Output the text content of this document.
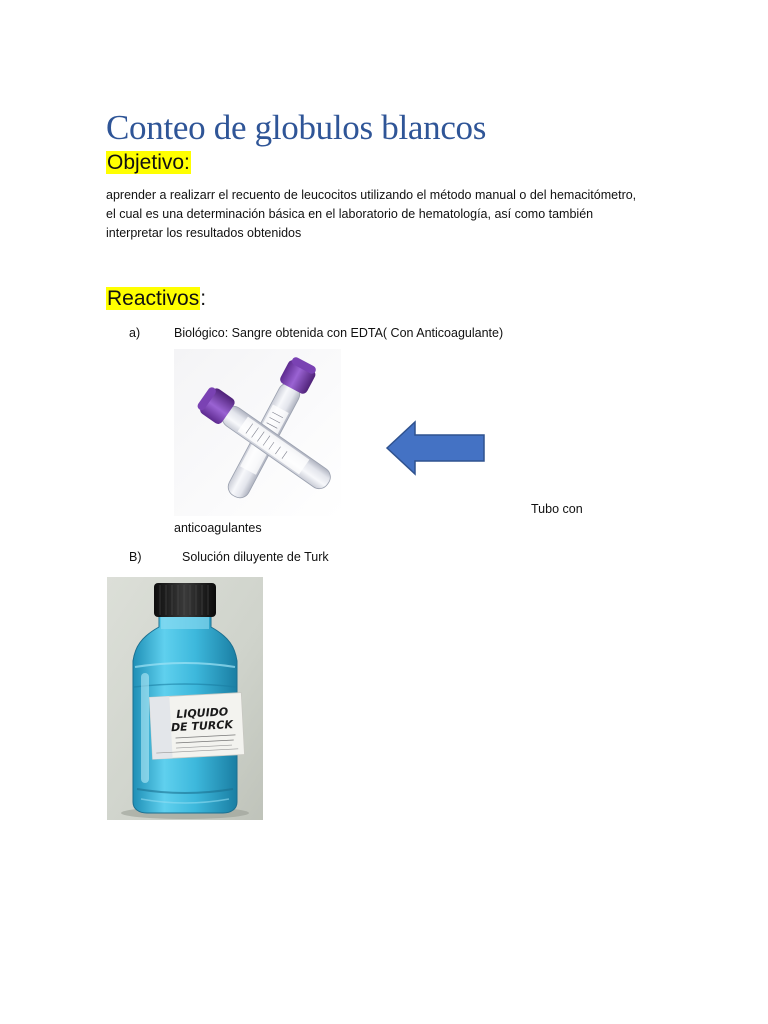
Conteo de globulos blancos
Objetivo:
aprender a realizarr el recuento de leucocitos utilizando el método manual o del hemacitómetro,
el cual es una determinación básica en el laboratorio de hematología, así como también
interpretar los resultados obtenidos
Reactivos:
a)	Biológico: Sangre obtenida con EDTA( Con Anticoagulante)
Tubo con
anticoagulantes
B)	Solución diluyente de Turk
LIQUIDO
DE TURCK
